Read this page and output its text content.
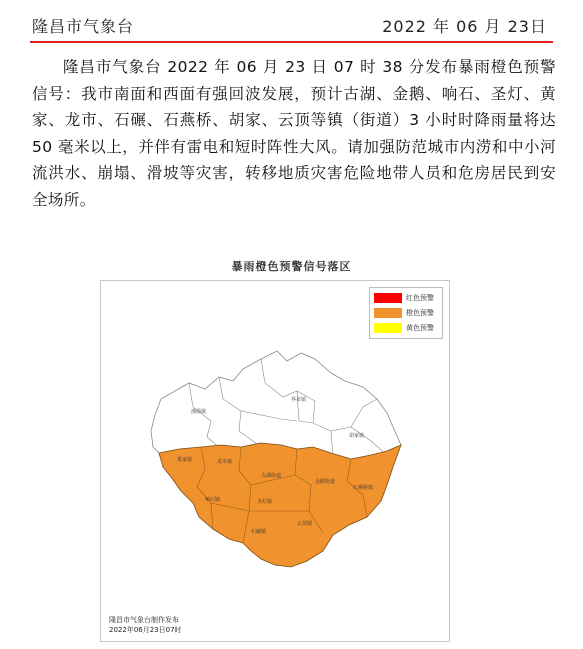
隆昌市气象台	2022 年 06 月 23日
隆昌市气象台 2022 年 06 月 23 日 07 时 38 分发布暴雨橙色预警信号：我市南面和西面有强回波发展，预计古湖、金鹅、响石、圣灯、黄家、龙市、石碾、石燕桥、胡家、云顶等镇（街道）3 小时时降雨量将达 50 毫米以上，并伴有雷电和短时阵性大风。请加强防范城市内涝和中小河流洪水、崩塌、滑坡等灾害，转移地质灾害危险地带人员和危房居民到安全场所。
暴雨橙色预警信号落区
界市镇
渔箭镇
胡家镇
黄家镇	龙市镇
古湖街道
金鹅街道
石燕桥镇
响石镇	圣灯镇
云顶镇
石碾镇
红色预警
橙色预警
黄色预警
隆昌市气象台制作发布
2022年06月23日07时
